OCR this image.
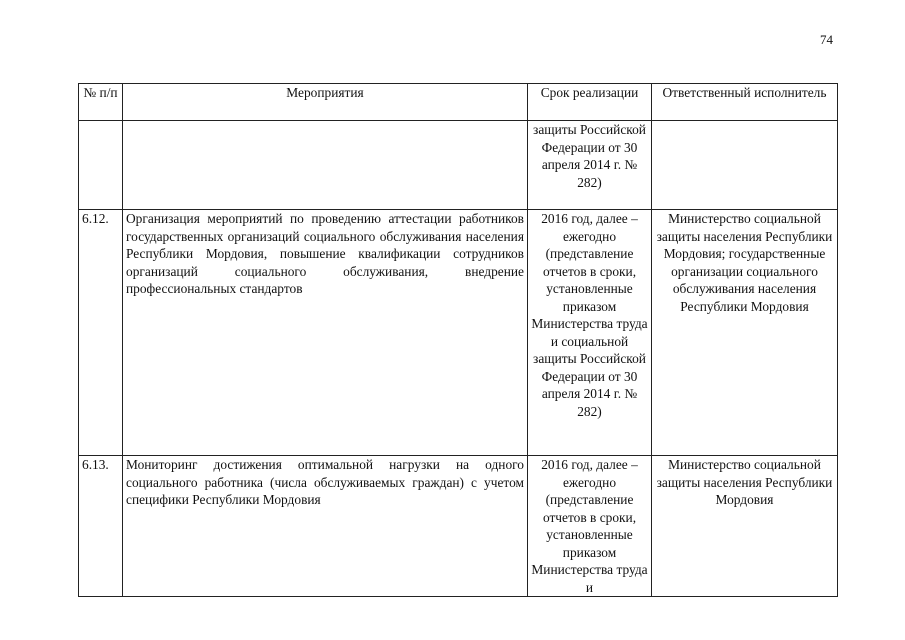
74
№ п/п	Мероприятия	Срок реализации	Ответственный исполнитель
		защиты Российской Федерации от 30 апреля 2014 г. № 282)	
6.12.	Организация мероприятий по проведению аттестации работников государственных организаций социального обслуживания населения Республики Мордовия, повышение квалификации сотрудников организаций социального обслуживания, внедрение профессиональных стандартов	2016 год, далее – ежегодно (представление отчетов в сроки, установленные приказом Министерства труда и социальной защиты Российской Федерации от 30 апреля 2014 г. № 282)	Министерство социальной защиты населения Республики Мордовия; государственные организации социального обслуживания населения Республики Мордовия
6.13.	Мониторинг достижения оптимальной нагрузки на одного социального работника (числа обслуживаемых граждан) с учетом специфики Республики Мордовия	2016 год, далее – ежегодно (представление отчетов в сроки, установленные приказом Министерства труда и	Министерство социальной защиты населения Республики Мордовия
